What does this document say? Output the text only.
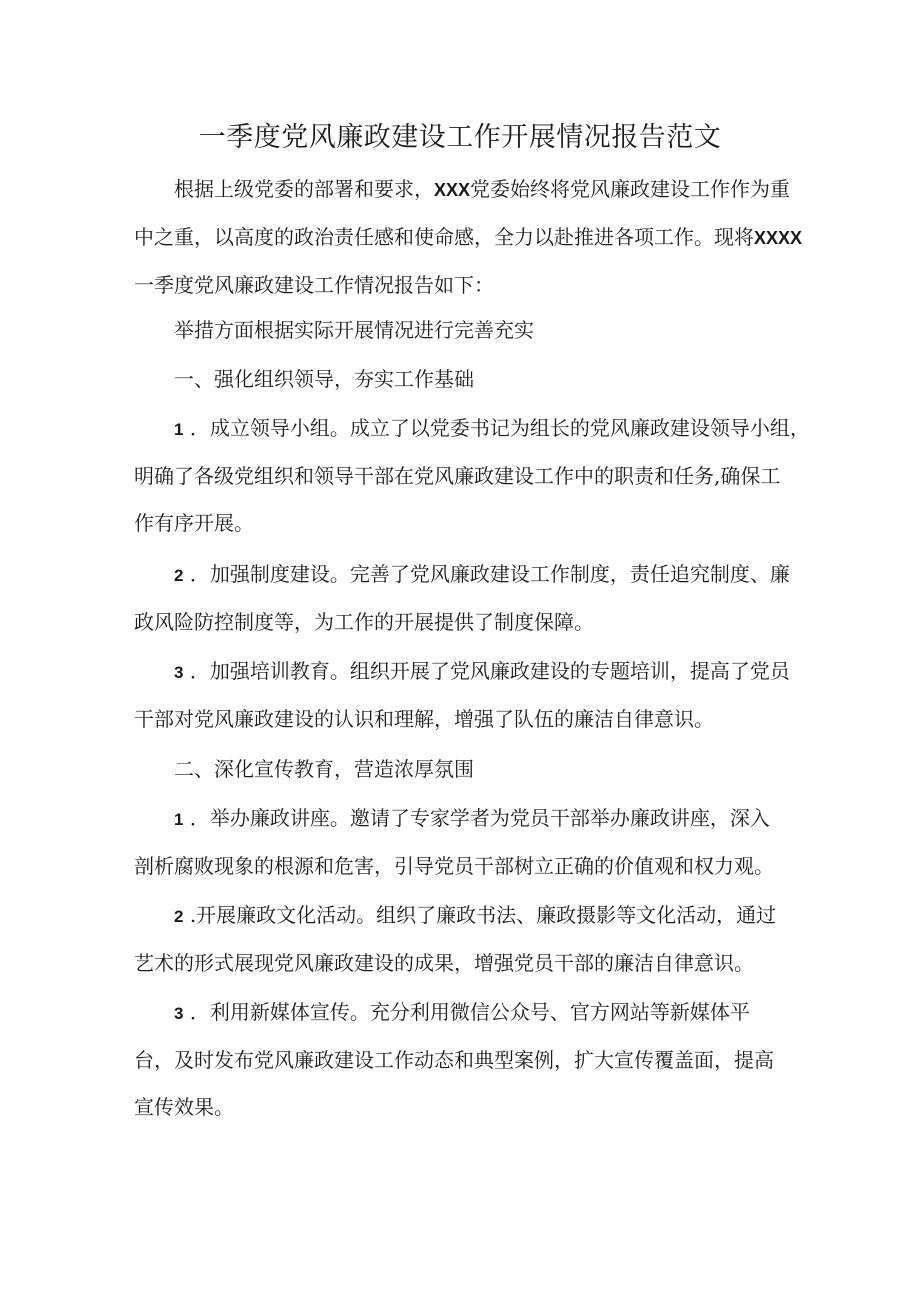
一季度党风廉政建设工作开展情况报告范文
根据上级党委的部署和要求，XXX党委始终将党风廉政建设工作作为重
中之重，以高度的政治责任感和使命感，全力以赴推进各项工作。现将XXXX
一季度党风廉政建设工作情况报告如下：
举措方面根据实际开展情况进行完善充实
一、强化组织领导，夯实工作基础
1 ．成立领导小组。成立了以党委书记为组长的党风廉政建设领导小组，
明确了各级党组织和领导干部在党风廉政建设工作中的职责和任务,确保工
作有序开展。
2 ．加强制度建设。完善了党风廉政建设工作制度，责任追究制度、廉
政风险防控制度等，为工作的开展提供了制度保障。
3 ．加强培训教育。组织开展了党风廉政建设的专题培训，提高了党员
干部对党风廉政建设的认识和理解，增强了队伍的廉洁自律意识。
二、深化宣传教育，营造浓厚氛围
1 ．举办廉政讲座。邀请了专家学者为党员干部举办廉政讲座，深入
剖析腐败现象的根源和危害，引导党员干部树立正确的价值观和权力观。
2 .开展廉政文化活动。组织了廉政书法、廉政摄影等文化活动，通过
艺术的形式展现党风廉政建设的成果，增强党员干部的廉洁自律意识。
3 ．利用新媒体宣传。充分利用微信公众号、官方网站等新媒体平
台，及时发布党风廉政建设工作动态和典型案例，扩大宣传覆盖面，提高
宣传效果。
